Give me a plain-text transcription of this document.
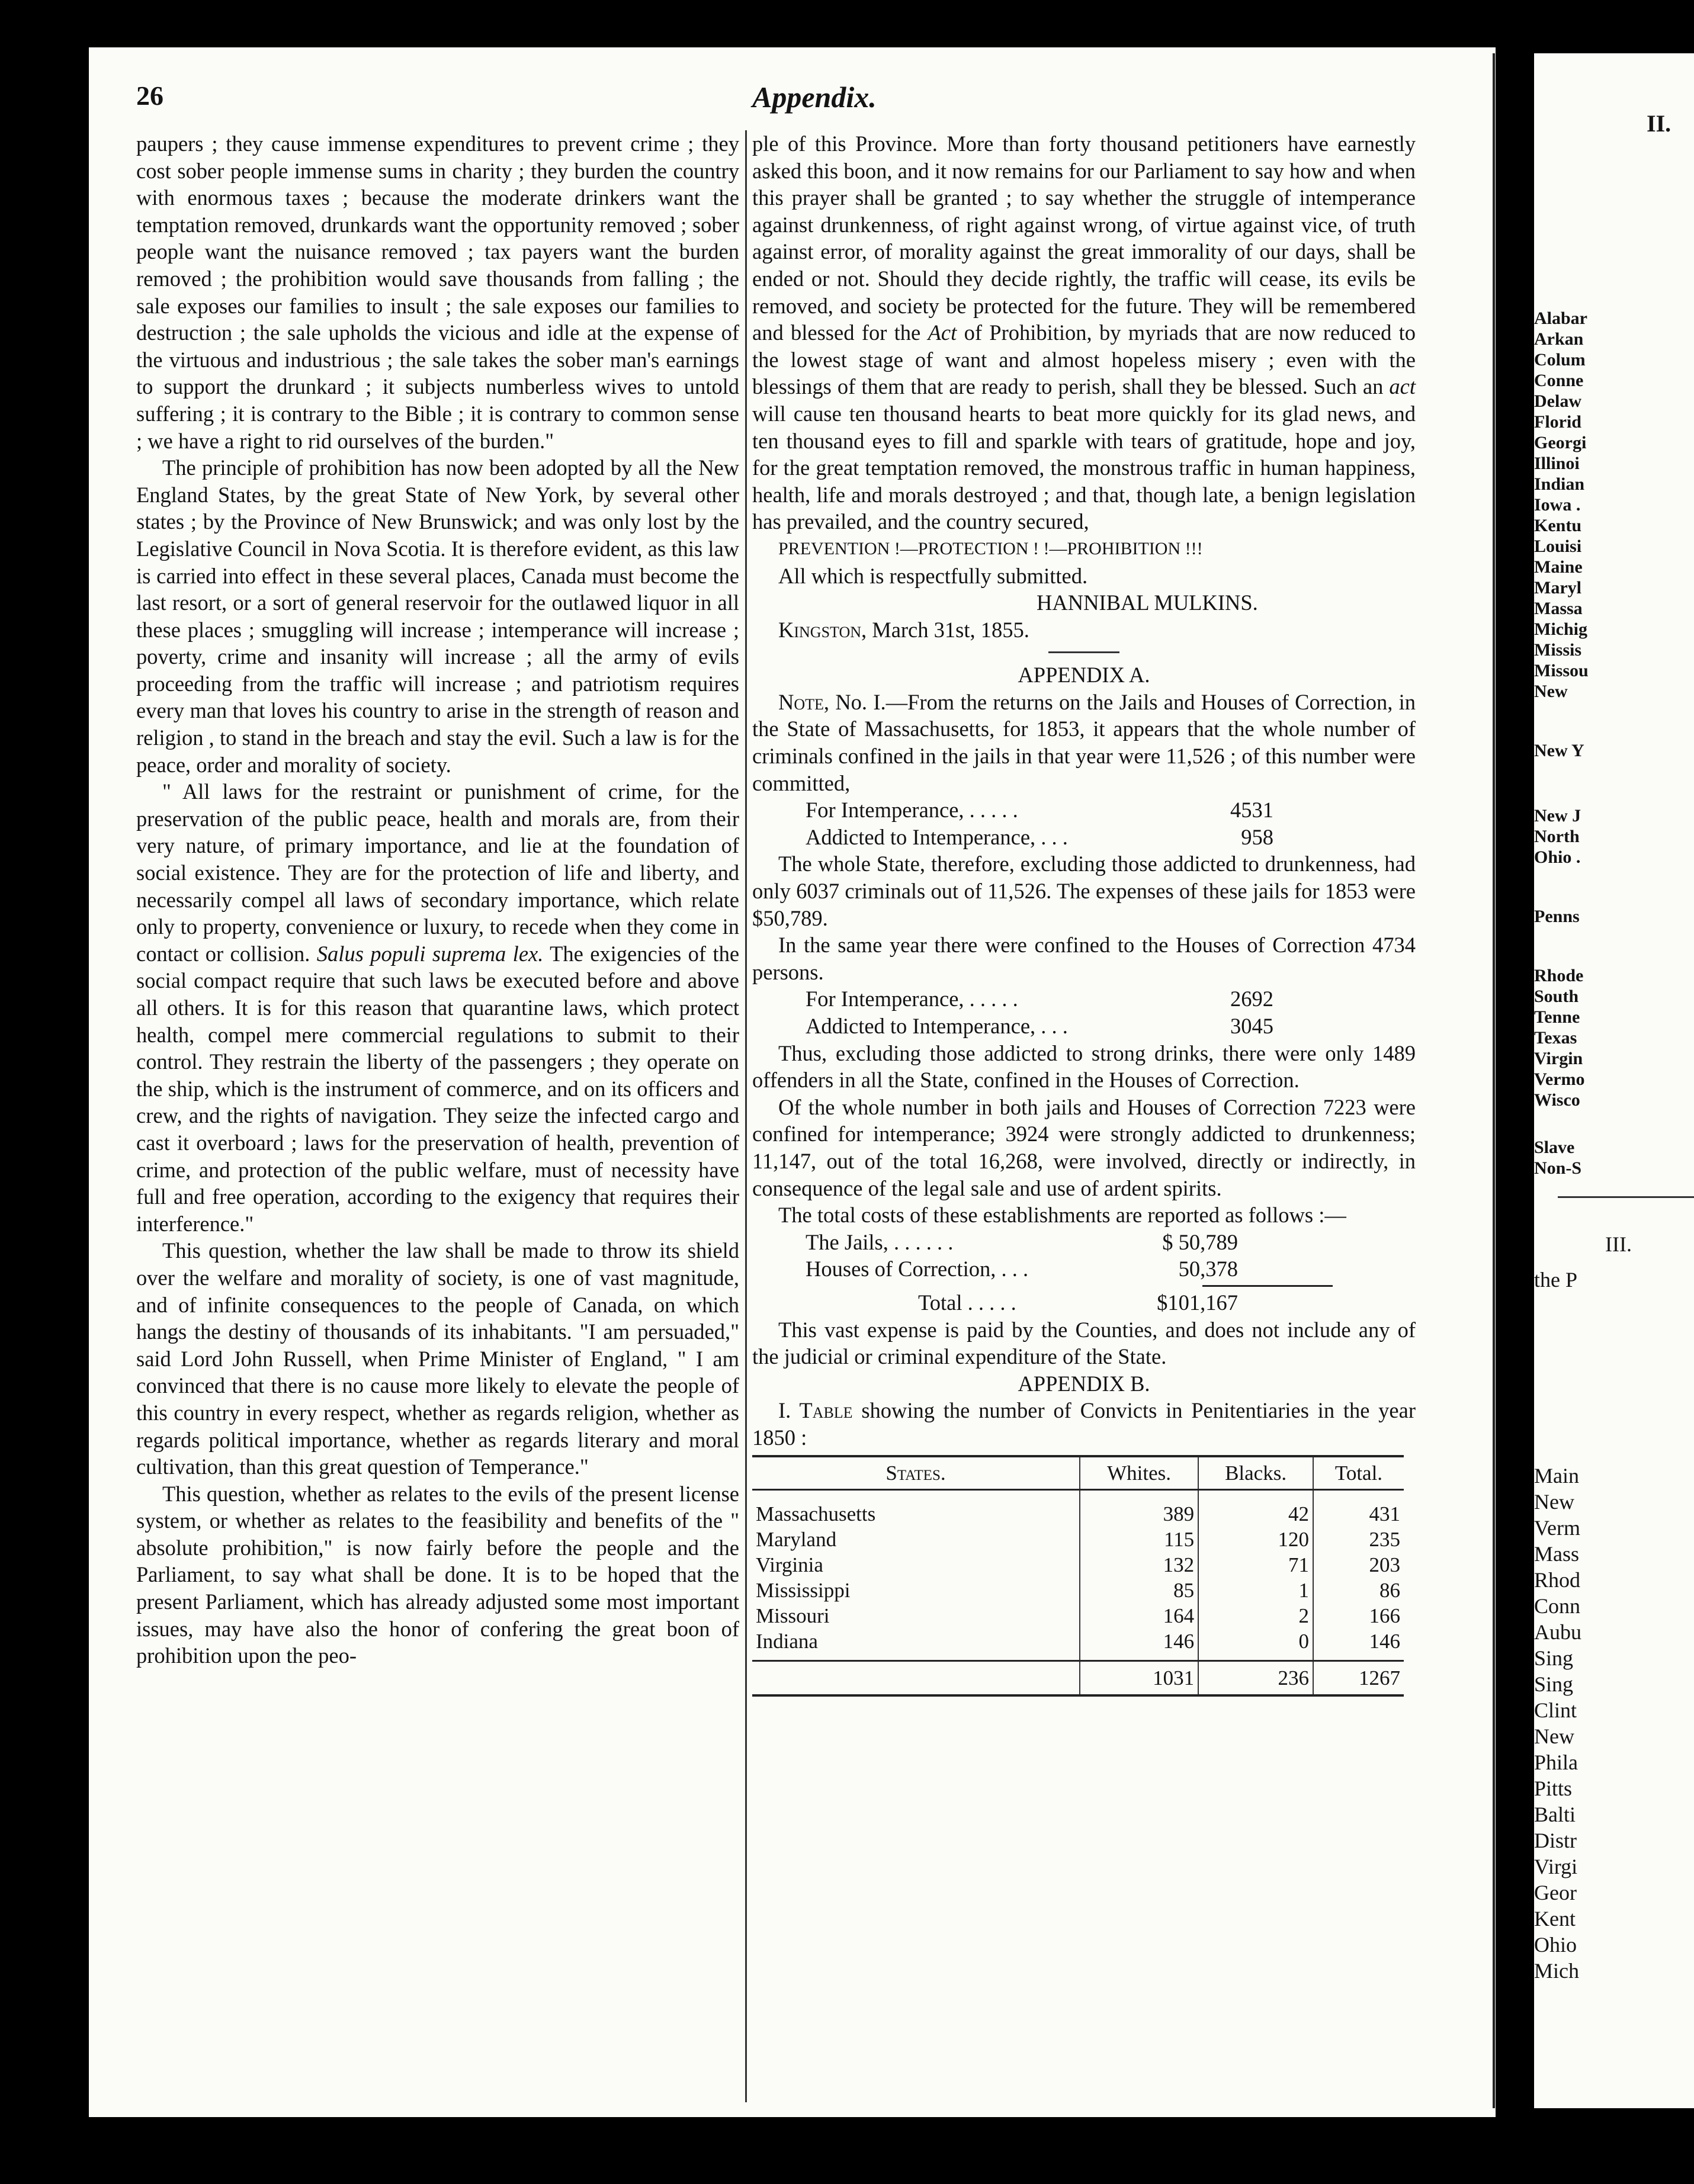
26	Appendix.

paupers ; they cause immense expenditures to prevent crime ; they cost sober people immense sums in charity ; they burden the country with enormous taxes ; because the moderate drinkers want the temptation removed, drunkards want the opportunity removed ; sober people want the nuisance removed ; tax payers want the burden removed ; the prohibition would save thousands from falling ; the sale exposes our families to insult ; the sale exposes our families to destruction ; the sale upholds the vicious and idle at the expense of the virtuous and industrious ; the sale takes the sober man's earnings to support the drunkard ; it subjects numberless wives to untold suffering ; it is contrary to the Bible ; it is contrary to common sense ; we have a right to rid ourselves of the burden."

The principle of prohibition has now been adopted by all the New England States, by the great State of New York, by several other states ; by the Province of New Brunswick; and was only lost by the Legislative Council in Nova Scotia. It is therefore evident, as this law is carried into effect in these several places, Canada must become the last resort, or a sort of general reservoir for the outlawed liquor in all these places ; smuggling will increase ; intemperance will increase ; poverty, crime and insanity will increase ; all the army of evils proceeding from the traffic will increase ; and patriotism requires every man that loves his country to arise in the strength of reason and religion , to stand in the breach and stay the evil. Such a law is for the peace, order and morality of society.

" All laws for the restraint or punishment of crime, for the preservation of the public peace, health and morals are, from their very nature, of primary importance, and lie at the foundation of social existence. They are for the protection of life and liberty, and necessarily compel all laws of secondary importance, which relate only to property, convenience or luxury, to recede when they come in contact or collision. Salus populi suprema lex. The exigencies of the social compact require that such laws be executed before and above all others. It is for this reason that quarantine laws, which protect health, compel mere commercial regulations to submit to their control. They restrain the liberty of the passengers ; they operate on the ship, which is the instrument of commerce, and on its officers and crew, and the rights of navigation. They seize the infected cargo and cast it overboard ; laws for the preservation of health, prevention of crime, and protection of the public welfare, must of necessity have full and free operation, according to the exigency that requires their interference."

This question, whether the law shall be made to throw its shield over the welfare and morality of society, is one of vast magnitude, and of infinite consequences to the people of Canada, on which hangs the destiny of thousands of its inhabitants. "I am persuaded," said Lord John Russell, when Prime Minister of England, " I am convinced that there is no cause more likely to elevate the people of this country in every respect, whether as regards religion, whether as regards political importance, whether as regards literary and moral cultivation, than this great question of Temperance."

This question, whether as relates to the evils of the present license system, or whether as relates to the feasibility and benefits of the " absolute prohibition," is now fairly before the people and the Parliament, to say what shall be done. It is to be hoped that the present Parliament, which has already adjusted some most important issues, may have also the honor of confering the great boon of prohibition upon the peo-

ple of this Province. More than forty thousand petitioners have earnestly asked this boon, and it now remains for our Parliament to say how and when this prayer shall be granted ; to say whether the struggle of intemperance against drunkenness, of right against wrong, of virtue against vice, of truth against error, of morality against the great immorality of our days, shall be ended or not. Should they decide rightly, the traffic will cease, its evils be removed, and society be protected for the future. They will be remembered and blessed for the Act of Prohibition, by myriads that are now reduced to the lowest stage of want and almost hopeless misery ; even with the blessings of them that are ready to perish, shall they be blessed. Such an act will cause ten thousand hearts to beat more quickly for its glad news, and ten thousand eyes to fill and sparkle with tears of gratitude, hope and joy, for the great temptation removed, the monstrous traffic in human happiness, health, life and morals destroyed ; and that, though late, a benign legislation has prevailed, and the country secured,

PREVENTION !—PROTECTION ! !—PROHIBITION !!!

All which is respectfully submitted.

HANNIBAL MULKINS.

Kingston, March 31st, 1855.

APPENDIX A.

Note, No. I.—From the returns on the Jails and Houses of Correction, in the State of Massachusetts, for 1853, it appears that the whole number of criminals confined in the jails in that year were 11,526 ; of this number were committed,

For Intemperance, . . . . .	4531
Addicted to Intemperance, . . .	958

The whole State, therefore, excluding those addicted to drunkenness, had only 6037 criminals out of 11,526. The expenses of these jails for 1853 were $50,789.

In the same year there were confined to the Houses of Correction 4734 persons.

For Intemperance, . . . . .	2692
Addicted to Intemperance, . . .	3045

Thus, excluding those addicted to strong drinks, there were only 1489 offenders in all the State, confined in the Houses of Correction.

Of the whole number in both jails and Houses of Correction 7223 were confined for intemperance; 3924 were strongly addicted to drunkenness; 11,147, out of the total 16,268, were involved, directly or indirectly, in consequence of the legal sale and use of ardent spirits.

The total costs of these establishments are reported as follows :—

The Jails, . . . . . .	$ 50,789
Houses of Correction, . . .	50,378
Total . . . . .	$101,167

This vast expense is paid by the Counties, and does not include any of the judicial or criminal expenditure of the State.

APPENDIX B.

I. Table showing the number of Convicts in Penitentiaries in the year 1850 :

States.	Whites.	Blacks.	Total.
Massachusetts	389	42	431
Maryland	115	120	235
Virginia	132	71	203
Mississippi	85	1	86
Missouri	164	2	166
Indiana	146	0	146

	1031	236	1267
II.
Alabar
Arkan
Colum
Conne
Delaw
Florid
Georgi
Illinoi
Indian
Iowa .
Kentu
Louisi
Maine
Maryl
Massa
Michig
Missis
Missou
New
New Y
New J
North
Ohio .
Penns
Rhode
South
Tenne
Texas
Virgin
Vermo
Wisco
Slave
Non-S
III.
the P
Main
New
Verm
Mass
Rhod
Conn
Aubu
Sing
Sing
Clint
New
Phila
Pitts
Balti
Distr
Virgi
Geor
Kent
Ohio
Mich
